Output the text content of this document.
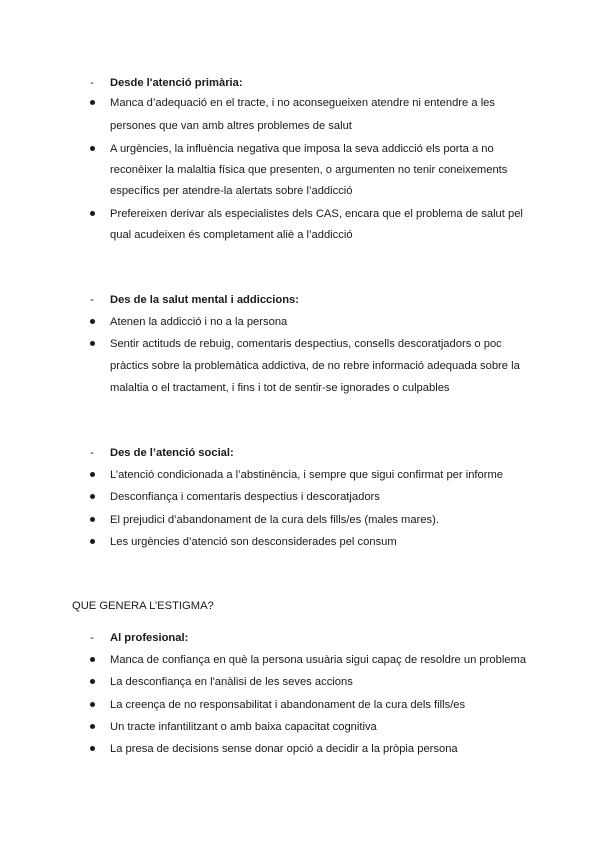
- Desde l'atenció primària:
Manca d’adequació en el tracte, i no aconsegueixen atendre ni entendre a les
persones que van amb altres problemes de salut
A urgències, la influència negativa que imposa la seva addicció els porta a no
reconèixer la malaltia física que presenten, o argumenten no tenir coneixements
específics per atendre-la alertats sobre l’addicció
Prefereixen derivar als especialistes dels CAS, encara que el problema de salut pel
qual acudeixen és completament aliè a l’addicció
- Des de la salut mental i addiccions:
Atenen la addicció i no a la persona
Sentir actituds de rebuig, comentaris despectius, consells descoratjadors o poc
pràctics sobre la problemàtica addictiva, de no rebre informació adequada sobre la
malaltia o el tractament, i fins i tot de sentir-se ignorades o culpables
- Des de l’atenció social:
L’atenció condicionada a l’abstinència, i sempre que sigui confirmat per informe
Desconfiança i comentaris despectius i descoratjadors
El prejudici d’abandonament de la cura dels fills/es (males mares).
Les urgències d’atenció son desconsiderades pel consum
QUE GENERA L’ESTIGMA?
- Al profesional:
Manca de confiança en què la persona usuària sigui capaç de resoldre un problema
La desconfiança en l'anàlisi de les seves accions
La creença de no responsabilitat i abandonament de la cura dels fills/es
Un tracte infantilitzant o amb baixa capacitat cognitiva
La presa de decisions sense donar opció a decidir a la pròpia persona
